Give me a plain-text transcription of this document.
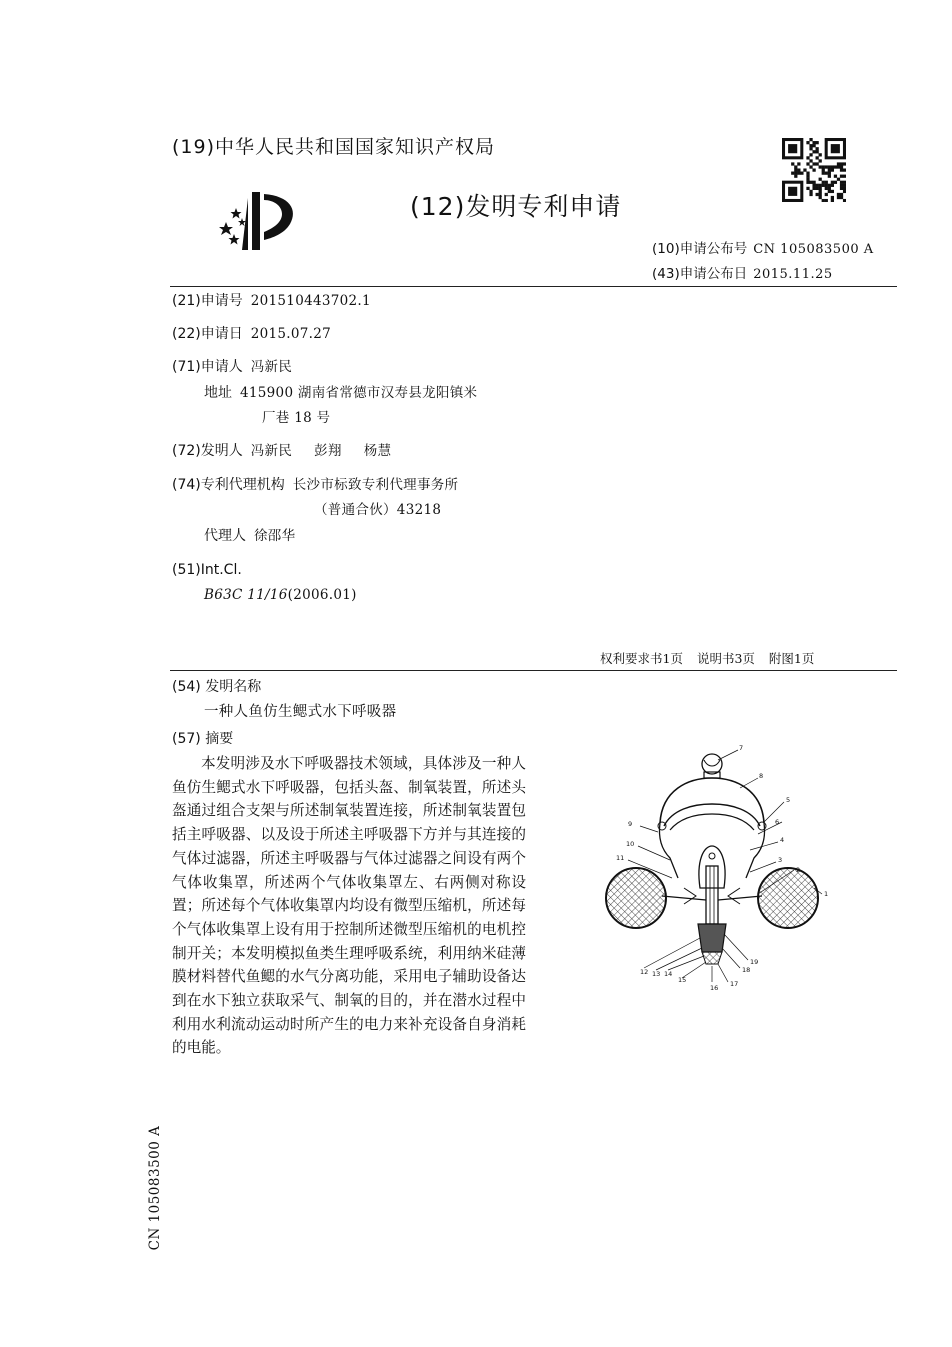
(19)中华人民共和国国家知识产权局
(12)发明专利申请
(10)申请公布号 CN 105083500 A
(43)申请公布日 2015.11.25
(21)申请号 201510443702.1
(22)申请日 2015.07.27
(71)申请人 冯新民
地址 415900 湖南省常德市汉寿县龙阳镇米
厂巷 18 号
(72)发明人 冯新民 彭翔 杨慧
(74)专利代理机构 长沙市标致专利代理事务所
（普通合伙）43218
代理人 徐邵华
(51)Int.Cl.
B63C 11/16(2006.01)
权利要求书1页 说明书3页 附图1页
(54) 发明名称
一种人鱼仿生鳃式水下呼吸器
(57) 摘要
本发明涉及水下呼吸器技术领域，具体涉及一种人鱼仿生鳃式水下呼吸器，包括头盔、制氧装置，所述头盔通过组合支架与所述制氧装置连接，所述制氧装置包括主呼吸器、以及设于所述主呼吸器下方并与其连接的气体过滤器，所述主呼吸器与气体过滤器之间设有两个气体收集罩，所述两个气体收集罩左、右两侧对称设置；所述每个气体收集罩内均设有微型压缩机，所述每个气体收集罩上设有用于控制所述微型压缩机的电机控制开关；本发明模拟鱼类生理呼吸系统，利用纳米硅薄膜材料替代鱼鳃的水气分离功能，采用电子辅助设备达到在水下独立获取采气、制氧的目的，并在潜水过程中利用水利流动运动时所产生的电力来补充设备自身消耗的电能。
7
8
5
6
4
3
9
10
11
2
1
12 13 14
15
16 17
18
19
CN 105083500 A
